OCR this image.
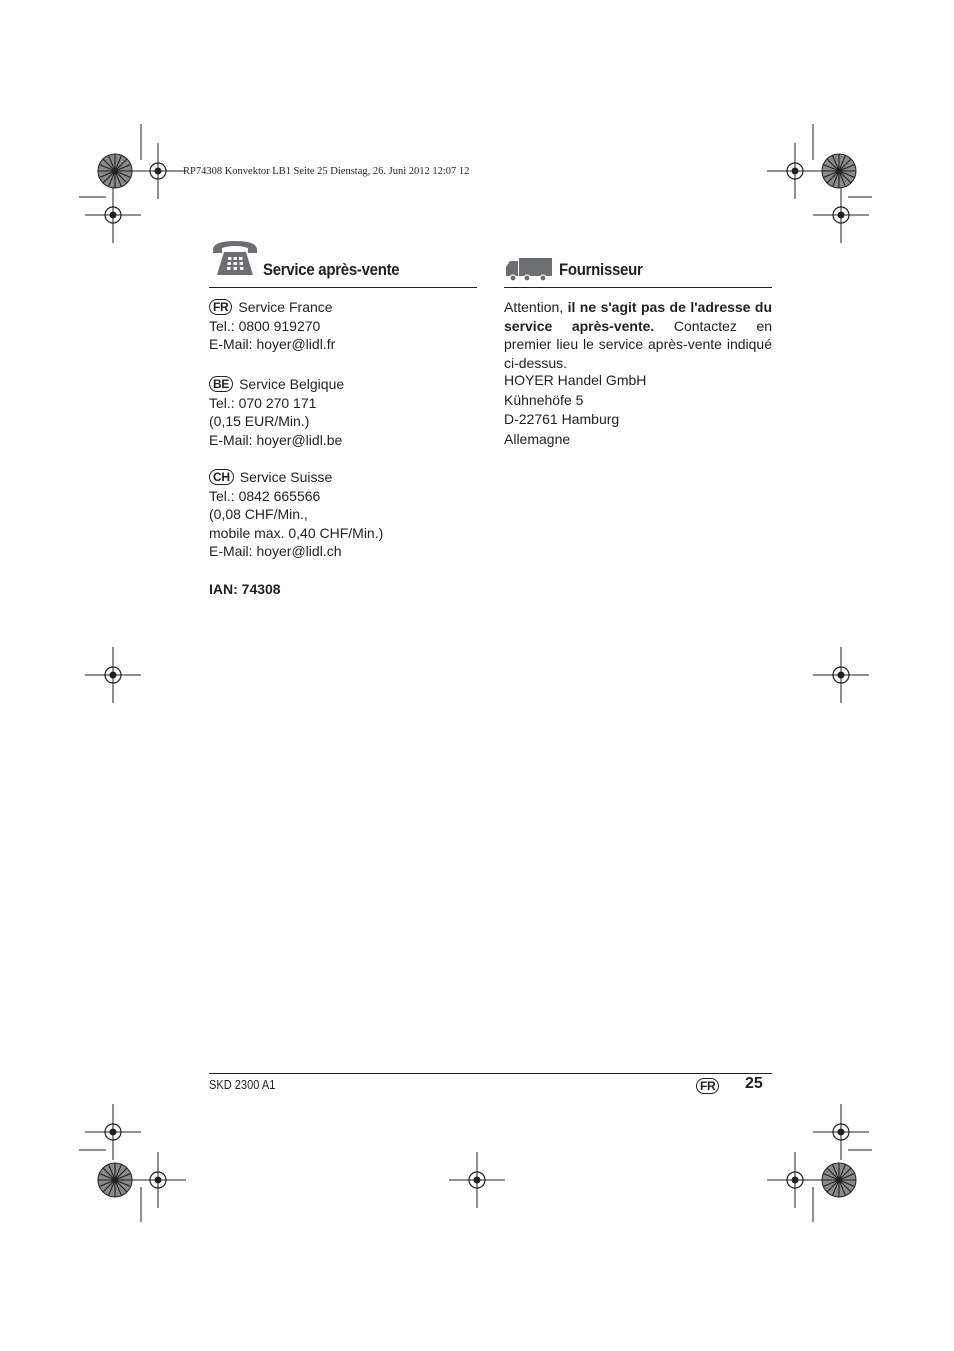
RP74308 Konvektor LB1 Seite 25 Dienstag, 26. Juni 2012 12:07 12
Service après-vente
FR Service France
Tel.: 0800 919270
E-Mail: hoyer@lidl.fr
BE Service Belgique
Tel.: 070 270 171
(0,15 EUR/Min.)
E-Mail: hoyer@lidl.be
CH Service Suisse
Tel.: 0842 665566
(0,08 CHF/Min.,
mobile max. 0,40 CHF/Min.)
E-Mail: hoyer@lidl.ch
IAN: 74308
Fournisseur
Attention, il ne s'agit pas de l'adresse du service après-vente. Contactez en premier lieu le service après-vente indiqué ci-dessus.
HOYER Handel GmbH
Kühnehöfe 5
D-22761 Hamburg
Allemagne
SKD 2300 A1	FR 25
